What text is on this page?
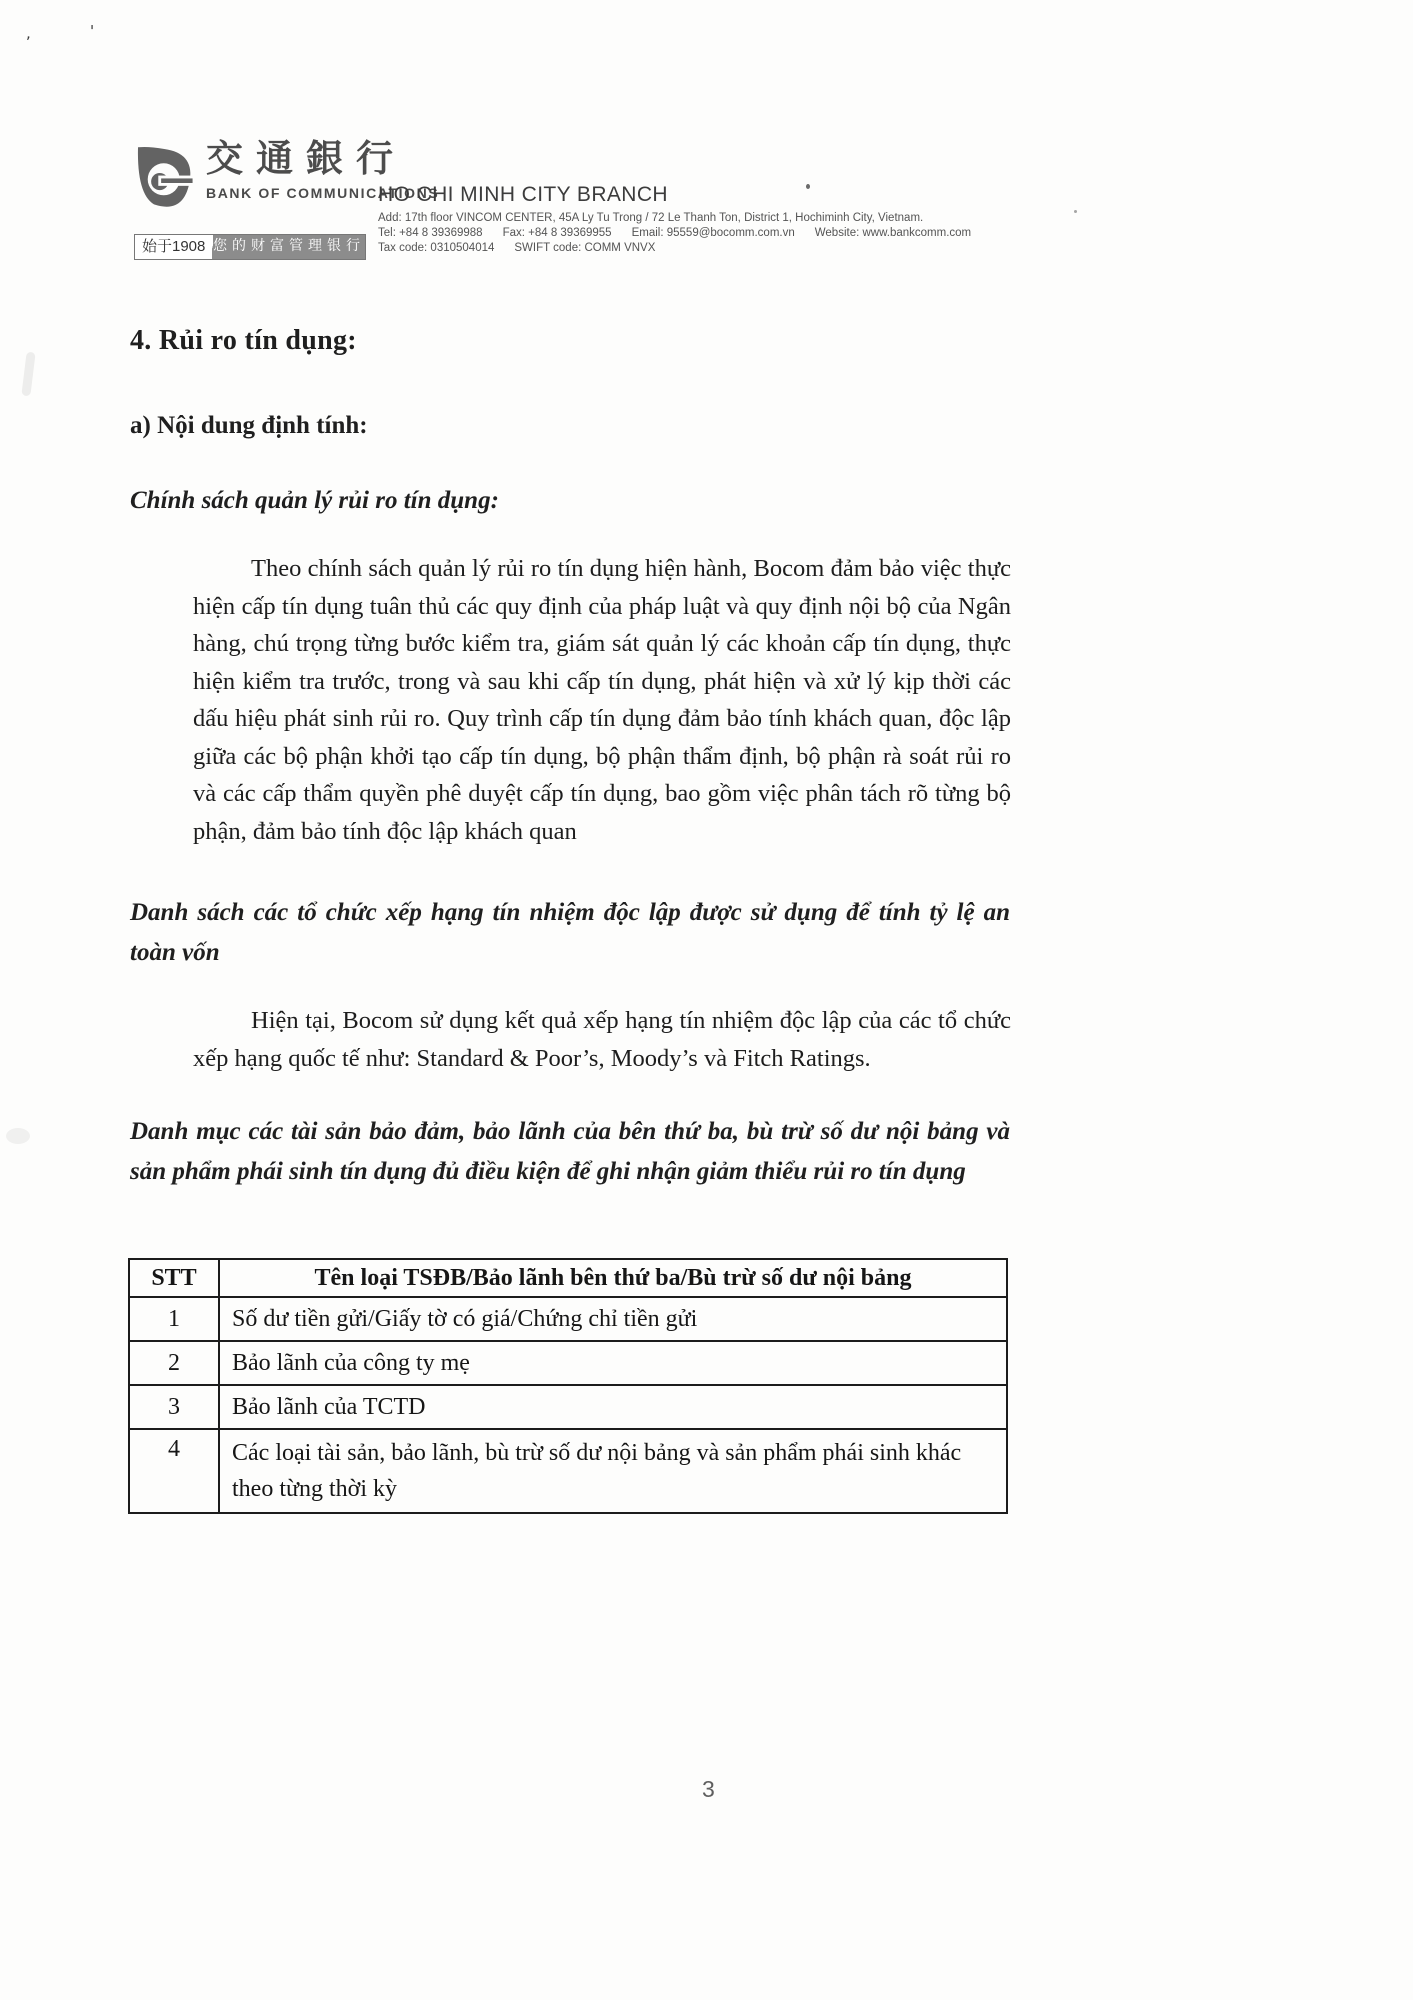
,	'
交通銀行
BANK OF COMMUNICATIONS
始于1908 您的财富管理银行
HO CHI MINH CITY BRANCH
Add: 17th floor VINCOM CENTER, 45A Ly Tu Trong / 72 Le Thanh Ton, District 1, Hochiminh City, Vietnam.
Tel: +84 8 39369988 Fax: +84 8 39369955 Email: 95559@bocomm.com.vn Website: www.bankcomm.com
Tax code: 0310504014 SWIFT code: COMM VNVX
4. Rủi ro tín dụng:
a) Nội dung định tính:
Chính sách quản lý rủi ro tín dụng:
Theo chính sách quản lý rủi ro tín dụng hiện hành, Bocom đảm bảo việc thực hiện cấp tín dụng tuân thủ các quy định của pháp luật và quy định nội bộ của Ngân hàng, chú trọng từng bước kiểm tra, giám sát quản lý các khoản cấp tín dụng, thực hiện kiểm tra trước, trong và sau khi cấp tín dụng, phát hiện và xử lý kịp thời các dấu hiệu phát sinh rủi ro. Quy trình cấp tín dụng đảm bảo tính khách quan, độc lập giữa các bộ phận khởi tạo cấp tín dụng, bộ phận thẩm định, bộ phận rà soát rủi ro và các cấp thẩm quyền phê duyệt cấp tín dụng, bao gồm việc phân tách rõ từng bộ phận, đảm bảo tính độc lập khách quan
Danh sách các tổ chức xếp hạng tín nhiệm độc lập được sử dụng để tính tỷ lệ an toàn vốn
Hiện tại, Bocom sử dụng kết quả xếp hạng tín nhiệm độc lập của các tổ chức xếp hạng quốc tế như: Standard & Poor’s, Moody’s và Fitch Ratings.
Danh mục các tài sản bảo đảm, bảo lãnh của bên thứ ba, bù trừ số dư nội bảng và sản phẩm phái sinh tín dụng đủ điều kiện để ghi nhận giảm thiểu rủi ro tín dụng
STT	Tên loại TSĐB/Bảo lãnh bên thứ ba/Bù trừ số dư nội bảng
1	Số dư tiền gửi/Giấy tờ có giá/Chứng chỉ tiền gửi
2	Bảo lãnh của công ty mẹ
3	Bảo lãnh của TCTD
4	Các loại tài sản, bảo lãnh, bù trừ số dư nội bảng và sản phẩm phái sinh khác theo từng thời kỳ
3
